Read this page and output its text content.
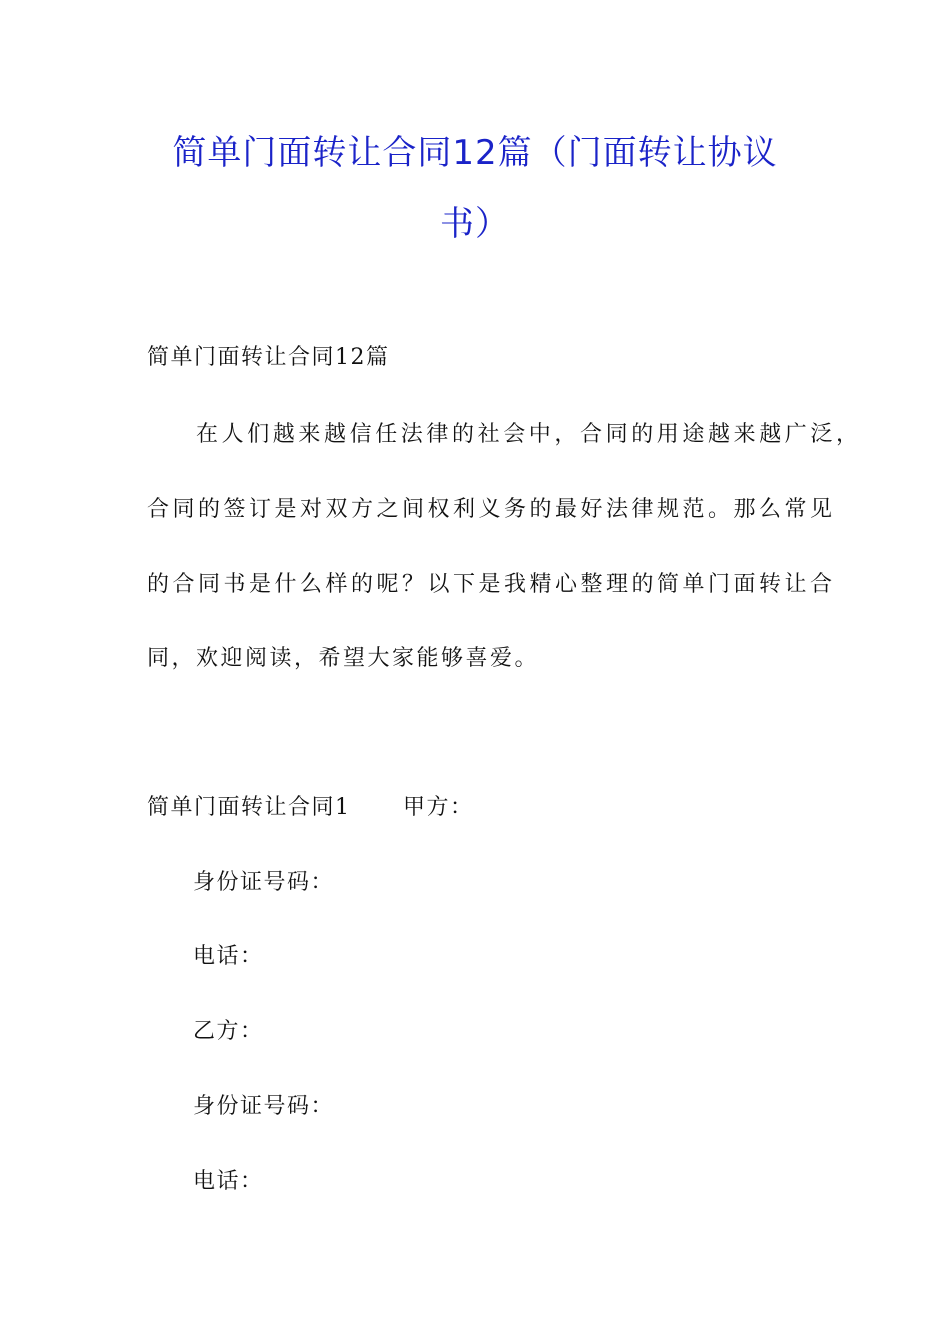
简单门面转让合同12篇（门面转让协议
书）
简单门面转让合同12篇
在人们越来越信任法律的社会中，合同的用途越来越广泛，
合同的签订是对双方之间权利义务的最好法律规范。那么常见
的合同书是什么样的呢？以下是我精心整理的简单门面转让合
同，欢迎阅读，希望大家能够喜爱。
简单门面转让合同1 甲方：
身份证号码：
电话：
乙方：
身份证号码：
电话：
